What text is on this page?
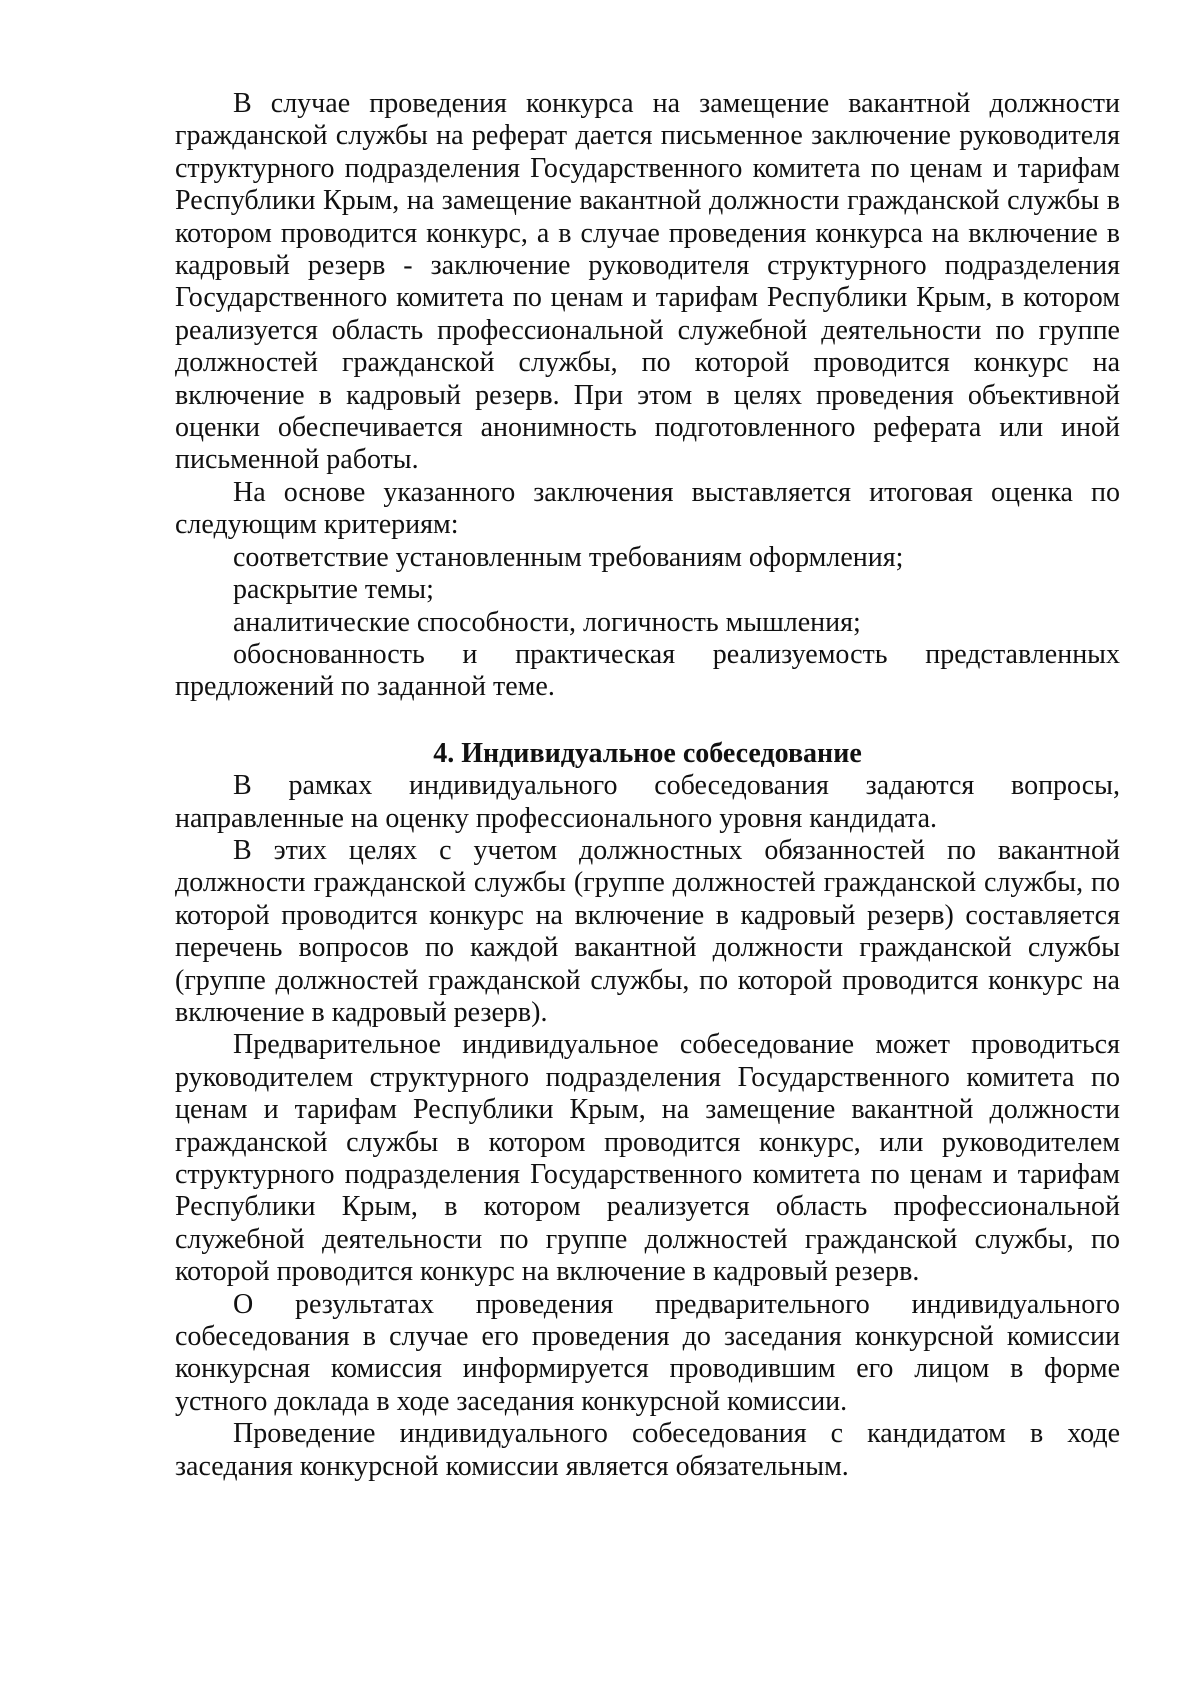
В случае проведения конкурса на замещение вакантной должности гражданской службы на реферат дается письменное заключение руководителя структурного подразделения Государственного комитета по ценам и тарифам Республики Крым, на замещение вакантной должности гражданской службы в котором проводится конкурс, а в случае проведения конкурса на включение в кадровый резерв - заключение руководителя структурного подразделения Государственного комитета по ценам и тарифам Республики Крым, в котором реализуется область профессиональной служебной деятельности по группе должностей гражданской службы, по которой проводится конкурс на включение в кадровый резерв. При этом в целях проведения объективной оценки обеспечивается анонимность подготовленного реферата или иной письменной работы.

На основе указанного заключения выставляется итоговая оценка по следующим критериям:

соответствие установленным требованиям оформления;

раскрытие темы;

аналитические способности, логичность мышления;

обоснованность и практическая реализуемость представленных предложений по заданной теме.

4. Индивидуальное собеседование

В рамках индивидуального собеседования задаются вопросы, направленные на оценку профессионального уровня кандидата.

В этих целях с учетом должностных обязанностей по вакантной должности гражданской службы (группе должностей гражданской службы, по которой проводится конкурс на включение в кадровый резерв) составляется перечень вопросов по каждой вакантной должности гражданской службы (группе должностей гражданской службы, по которой проводится конкурс на включение в кадровый резерв).

Предварительное индивидуальное собеседование может проводиться руководителем структурного подразделения Государственного комитета по ценам и тарифам Республики Крым, на замещение вакантной должности гражданской службы в котором проводится конкурс, или руководителем структурного подразделения Государственного комитета по ценам и тарифам Республики Крым, в котором реализуется область профессиональной служебной деятельности по группе должностей гражданской службы, по которой проводится конкурс на включение в кадровый резерв.

О результатах проведения предварительного индивидуального собеседования в случае его проведения до заседания конкурсной комиссии конкурсная комиссия информируется проводившим его лицом в форме устного доклада в ходе заседания конкурсной комиссии.

Проведение индивидуального собеседования с кандидатом в ходе заседания конкурсной комиссии является обязательным.
